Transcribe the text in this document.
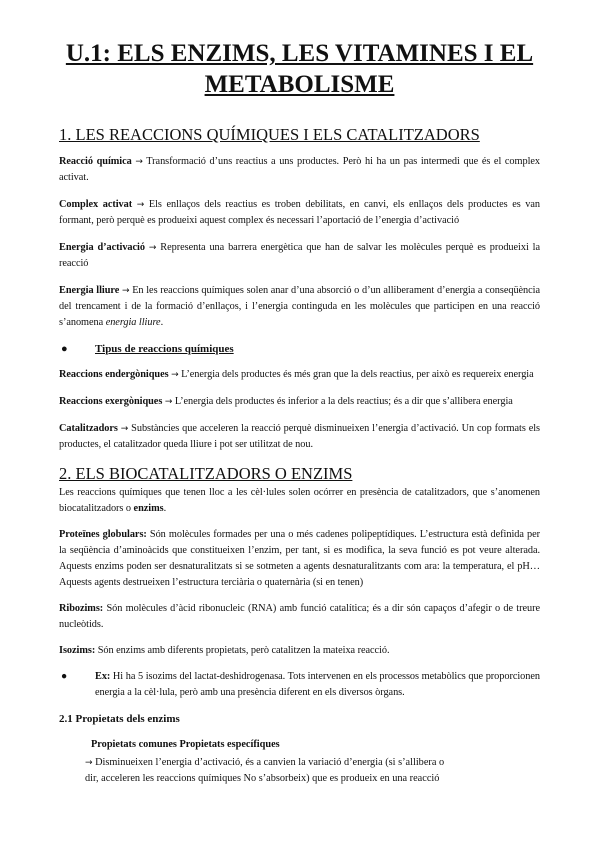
U.1: ELS ENZIMS, LES VITAMINES I EL
METABOLISME
1. LES REACCIONS QUÍMIQUES I ELS CATALITZADORS

Reacció química → Transformació d’uns reactius a uns productes. Però hi ha un pas intermedi que és el complex activat.

Complex activat → Els enllaços dels reactius es troben debilitats, en canvi, els enllaços dels productes es van formant, però perquè es produeixi aquest complex és necessari l’aportació de l’energia d’activació

Energia d’activació → Representa una barrera energètica que han de salvar les molècules perquè es produeixi la reacció

Energia lliure → En les reaccions químiques solen anar d’una absorció o d’un alliberament d’energia a conseqüència del trencament i de la formació d’enllaços, i l’energia continguda en les molècules que participen en una reacció s’anomena energia lliure.

●	Tipus de reaccions químiques

Reaccions endergòniques → L’energia dels productes és més gran que la dels reactius, per això es requereix energia

Reaccions exergòniques → L’energia dels productes és inferior a la dels reactius; és a dir que s’allibera energia

Catalitzadors → Substàncies que acceleren la reacció perquè disminueixen l’energia d’activació. Un cop formats els productes, el catalitzador queda lliure i pot ser utilitzat de nou.

2. ELS BIOCATALITZADORS O ENZIMS

Les reaccions químiques que tenen lloc a les cèl·lules solen ocórrer en presència de catalitzadors, que s’anomenen biocatalitzadors o enzims.

Proteïnes globulars: Són molècules formades per una o més cadenes polipeptídiques. L’estructura està definida per la seqüència d’aminoàcids que constitueixen l’enzim, per tant, si es modifica, la seva funció es pot veure alterada. Aquests enzims poden ser desnaturalitzats si se sotmeten a agents desnaturalitzants com ara: la temperatura, el pH… Aquests agents destrueixen l’estructura terciària o quaternària (si en tenen)

Ribozims: Són molècules d’àcid ribonucleic (RNA) amb funció catalítica; és a dir són capaços d’afegir o de treure nucleòtids.

Isozims: Són enzims amb diferents propietats, però catalitzen la mateixa reacció.

●	Ex: Hi ha 5 isozims del lactat-deshidrogenasa. Tots intervenen en els processos metabòlics que proporcionen energia a la cèl·lula, però amb una presència diferent en els diversos òrgans.

2.1 Propietats dels enzims

Propietats comunes Propietats específiques

→ Disminueixen l’energia d’activació, és a canvien la variació d’energia (si s’allibera o

dir, acceleren les reaccions químiques No s’absorbeix) que es produeix en una reacció
